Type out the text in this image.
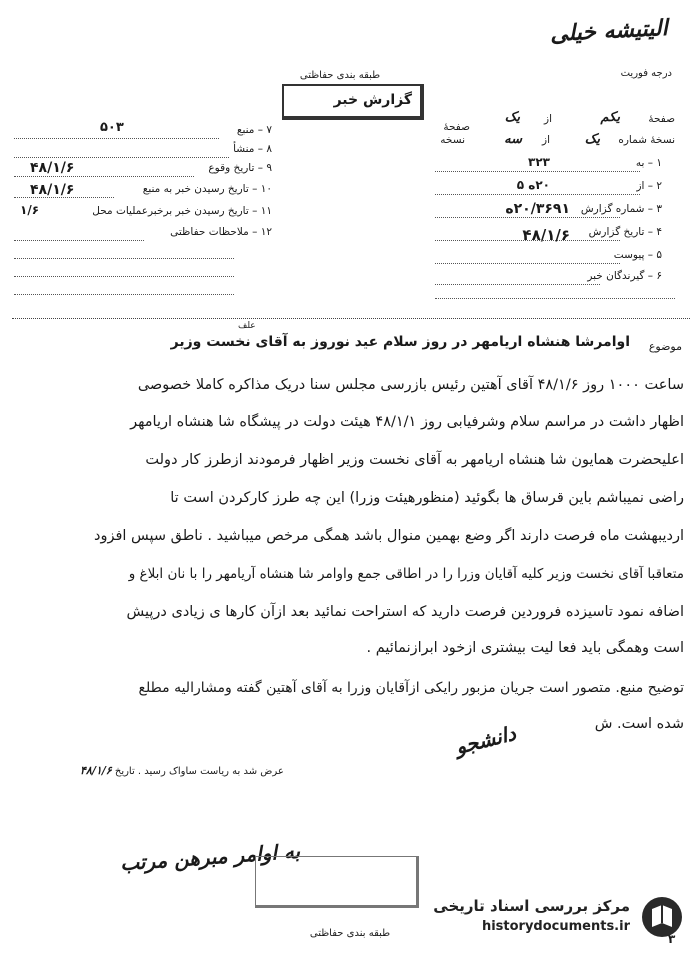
الیتیشه خیلی
درجه فوریت
طبقه بندی حفاظتی
گزارش خبر
صفحهٔ
یکم
از
یک
صفحهٔ
نسخهٔ شماره
یک
از
سه
نسخه
۱ – به
۳۲۳
۲ – از
۲۰ه ۵
۳ – شماره گزارش
۲۰/۳۶۹۱ه
۴ – تاریخ گزارش
۴۸/۱/۶
۵ – پیوست
۶ – گیرندگان خبر
۷ – منبع
۵۰۳
۸ – منشأ
۹ – تاریخ وقوع
۴۸/۱/۶
۱۰ – تاریخ رسیدن خبر به منبع
۴۸/۱/۶
۱۱ – تاریخ رسیدن خبر برخبرعملیات محل
۱/۶
۱۲ – ملاحظات حفاظتی
موضوع
علف
اوامرشا هنشاه اریامهر در روز سلام عید نوروز به آقای نخست وزیر
ساعت ۱۰۰۰ روز ۴۸/۱/۶ آقای آهتین رئیس بازرسی مجلس سنا دریک مذاکره کاملا خصوصی
اظهار داشت در مراسم سلام وشرفیابی روز ۴۸/۱/۱ هیئت دولت در پیشگاه شا هنشاه اریامهر
اعلیحضرت همایون شا هنشاه اریامهر به آقای نخست وزیر اظهار فرمودند ازطرز کار دولت
راضی نمیباشم باین قرساق ها بگوئید (منظورهیئت وزرا) این چه طرز کارکردن است تا
اردیبهشت ماه فرصت دارند اگر وضع بهمین منوال باشد همگی مرخص میباشید . ناطق سپس افزود
متعاقبا آقای نخست وزیر کلیه آقایان وزرا را در اطاقی جمع واوامر شا هنشاه آریامهر را با نان ابلاغ و
اضافه نمود تاسیزده فروردین فرصت دارید که استراحت نمائید بعد ازآن کارها ی زیادی درپیش
است وهمگی باید فعا لیت بیشتری ازخود ابرازنمائیم .
توضیح منبع. متصور است جریان مزبور رایکی ازآقایان وزرا به آقای آهتین گفته ومشارالیه مطلع
شده است. ش
دانشجو
عرض شد به ریاست ساواک رسید . تاریخ ۴۸/۱/۶
به اوامر مبرهن مرتب
طبقه بندی حفاظتی
مرکز بررسی اسناد تاریخی
historydocuments.ir
۳
